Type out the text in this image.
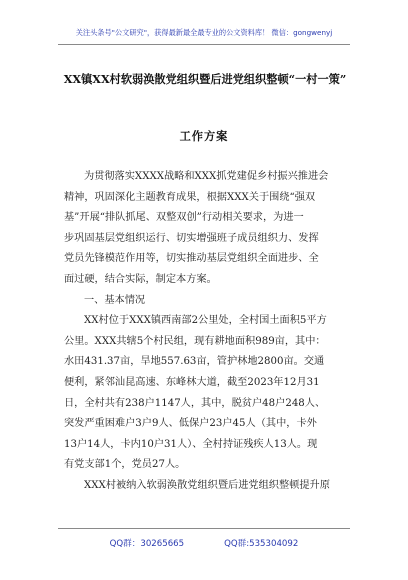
关注头条号"公文研究"，获得最新最全最专业的公文资料库！ 微信：gongwenyj
XX镇XX村软弱涣散党组织暨后进党组织整顿“一村一策”
工作方案
为贯彻落实XXXX战略和XXX抓党建促乡村振兴推进会
精神，巩固深化主题教育成果，根据XXX关于围绕“强双
基”开展“排队抓尾、双整双创”行动相关要求，为进一
步巩固基层党组织运行、切实增强班子成员组织力、发挥
党员先锋模范作用等，切实推动基层党组织全面进步、全
面过硬，结合实际，制定本方案。
一、基本情况
XX村位于XXX镇西南部2公里处，全村国土面积5平方
公里。XXX共辖5个村民组，现有耕地面积989亩，其中：
水田431.37亩，旱地557.63亩，管护林地2800亩。交通
便利，紧邻汕昆高速、东峰林大道，截至2023年12月31
日，全村共有238户1147人，其中，脱贫户48户248人、
突发严重困难户3户9人、低保户23户45人（其中，卡外
13户14人，卡内10户31人）、全村持证残疾人13人。现
有党支部1个，党员27人。
XXX村被纳入软弱涣散党组织暨后进党组织整顿提升原
QQ群：30265665	QQ群:535304092
